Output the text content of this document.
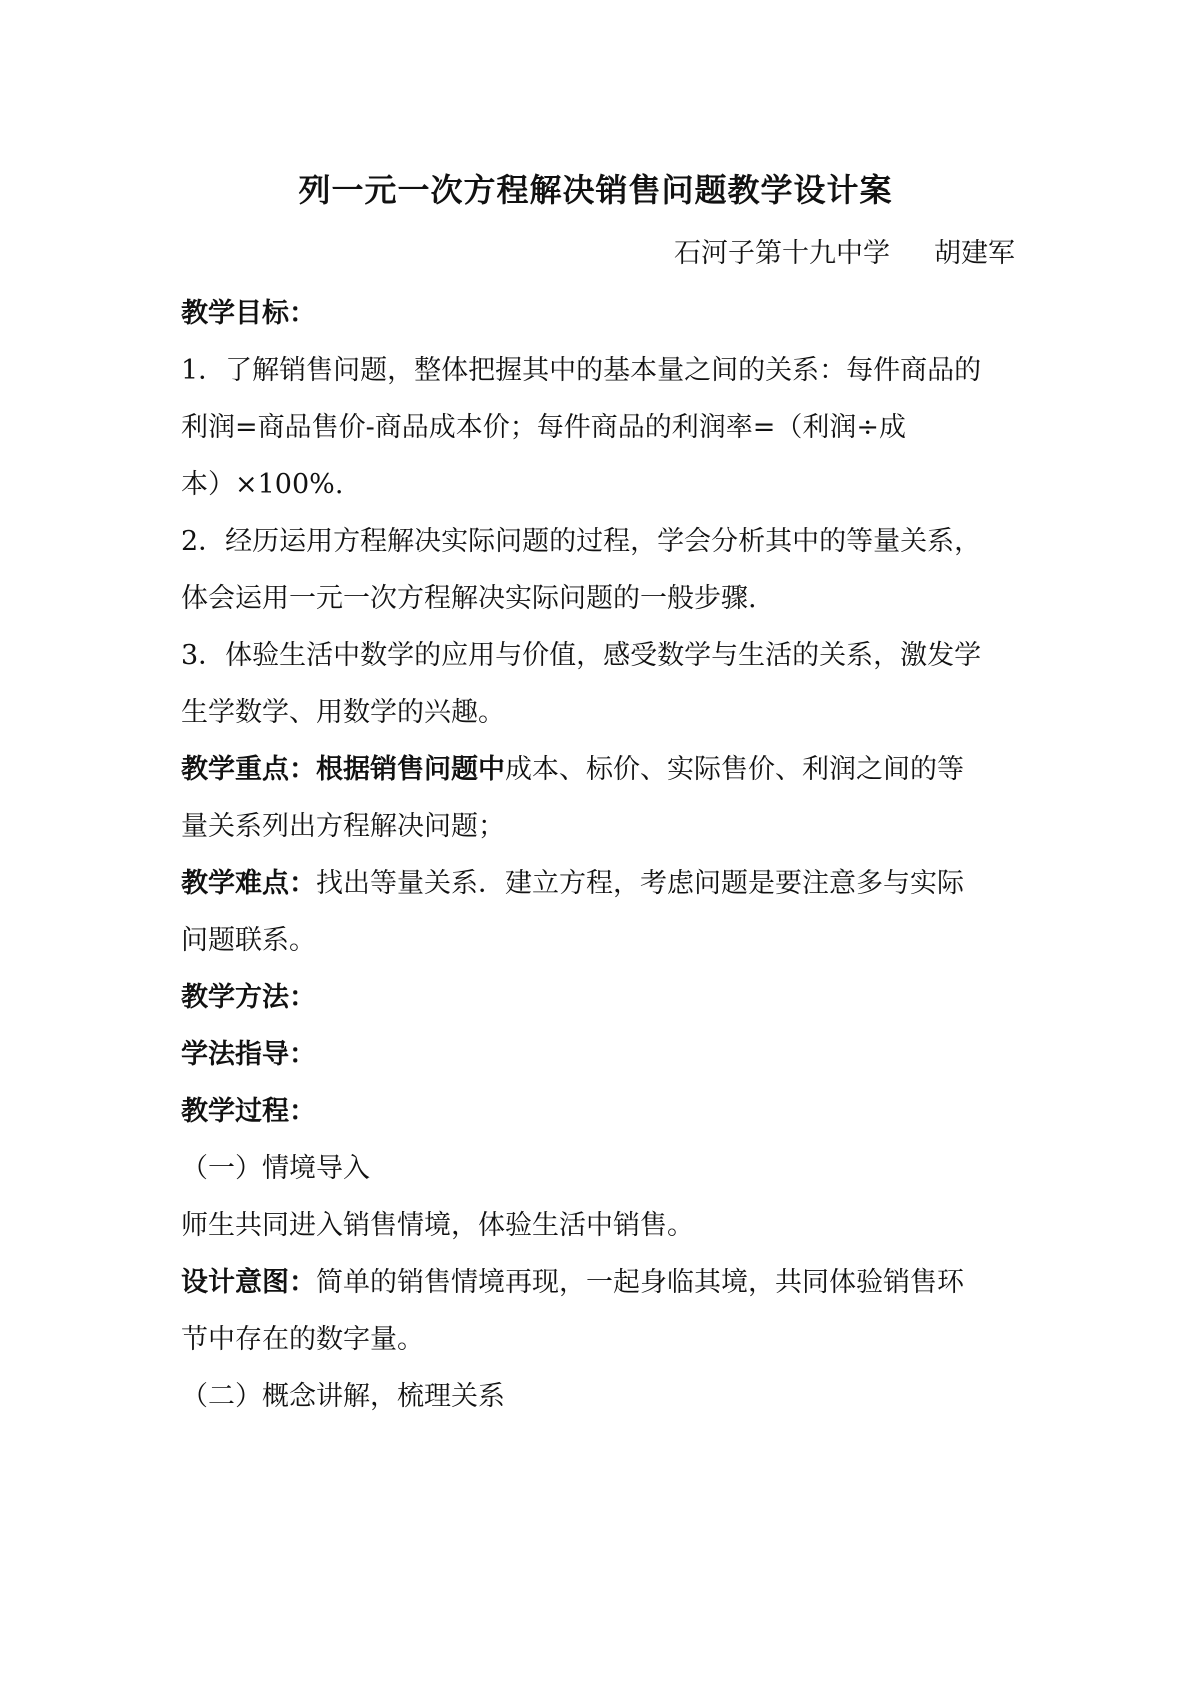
列一元一次方程解决销售问题教学设计案
石河子第十九中学 胡建军
教学目标：
1．了解销售问题，整体把握其中的基本量之间的关系：每件商品的
利润=商品售价-商品成本价；每件商品的利润率=（利润÷成
本）×100%.
2．经历运用方程解决实际问题的过程，学会分析其中的等量关系，
体会运用一元一次方程解决实际问题的一般步骤.
3．体验生活中数学的应用与价值，感受数学与生活的关系，激发学
生学数学、用数学的兴趣。
教学重点：根据销售问题中成本、标价、实际售价、利润之间的等
量关系列出方程解决问题；
教学难点：找出等量关系．建立方程，考虑问题是要注意多与实际
问题联系。
教学方法：
学法指导：
教学过程：
（一）情境导入
师生共同进入销售情境，体验生活中销售。
设计意图：简单的销售情境再现，一起身临其境，共同体验销售环
节中存在的数字量。
（二）概念讲解，梳理关系
